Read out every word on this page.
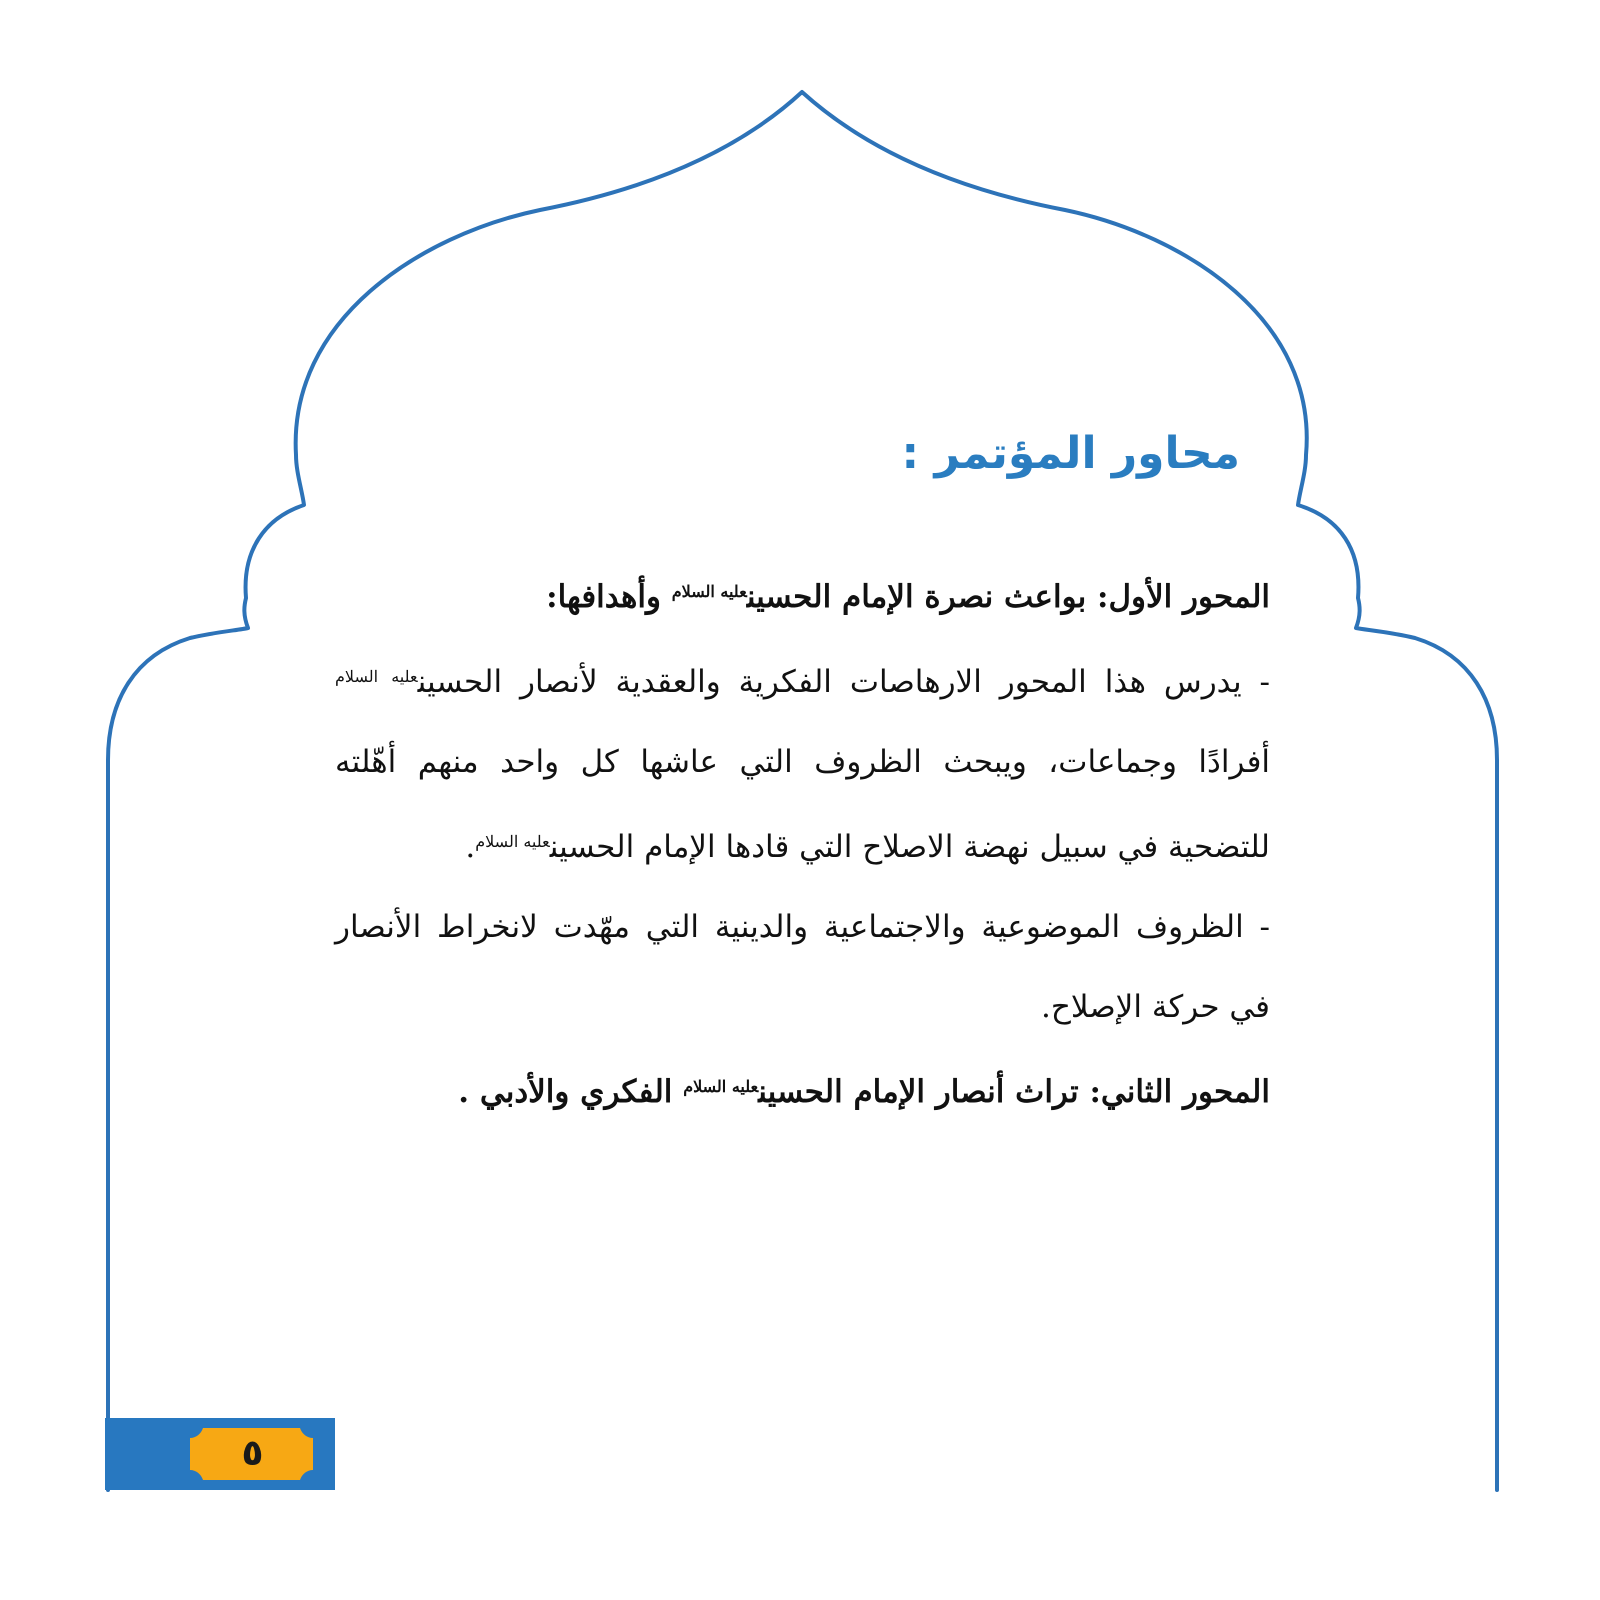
محاور المؤتمر :

المحور الأول: بواعث نصرة الإمام الحسين$^{عليه السلام}$ وأهدافها:

- يدرس هذا المحور الارهاصات الفكرية والعقدية لأنصار الحسين$^{عليه السلام}$ أفرادًا وجماعات، ويبحث الظروف التي عاشها كل واحد منهم أهّلته للتضحية في سبيل نهضة الاصلاح التي قادها الإمام الحسين$^{عليه السلام}$.

- الظروف الموضوعية والاجتماعية والدينية التي مهّدت لانخراط الأنصار في حركة الإصلاح.

المحور الثاني: تراث أنصار الإمام الحسين$^{عليه السلام}$ الفكري والأدبي .

٥
